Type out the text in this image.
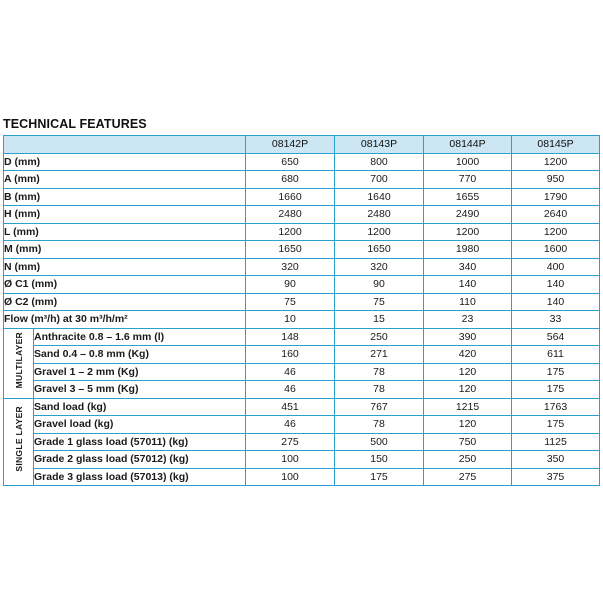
TECHNICAL FEATURES
		08142P	08143P	08144P	08145P
D (mm)		650	800	1000	1200
A (mm)		680	700	770	950
B (mm)		1660	1640	1655	1790
H (mm)		2480	2480	2490	2640
L (mm)		1200	1200	1200	1200
M (mm)		1650	1650	1980	1600
N (mm)		320	320	340	400
Ø C1 (mm)		90	90	140	140
Ø C2 (mm)		75	75	110	140
Flow (m³/h) at 30 m³/h/m²		10	15	23	33
MULTILAYER	Anthracite 0.8 – 1.6 mm (l)	148	250	390	564
	Sand 0.4 – 0.8 mm (Kg)	160	271	420	611
	Gravel 1 – 2 mm (Kg)	46	78	120	175
	Gravel 3 – 5 mm (Kg)	46	78	120	175
SINGLE LAYER	Sand load (kg)	451	767	1215	1763
	Gravel load (kg)	46	78	120	175
	Grade 1 glass load (57011) (kg)	275	500	750	1125
	Grade 2 glass load (57012) (kg)	100	150	250	350
	Grade 3 glass load (57013) (kg)	100	175	275	375
